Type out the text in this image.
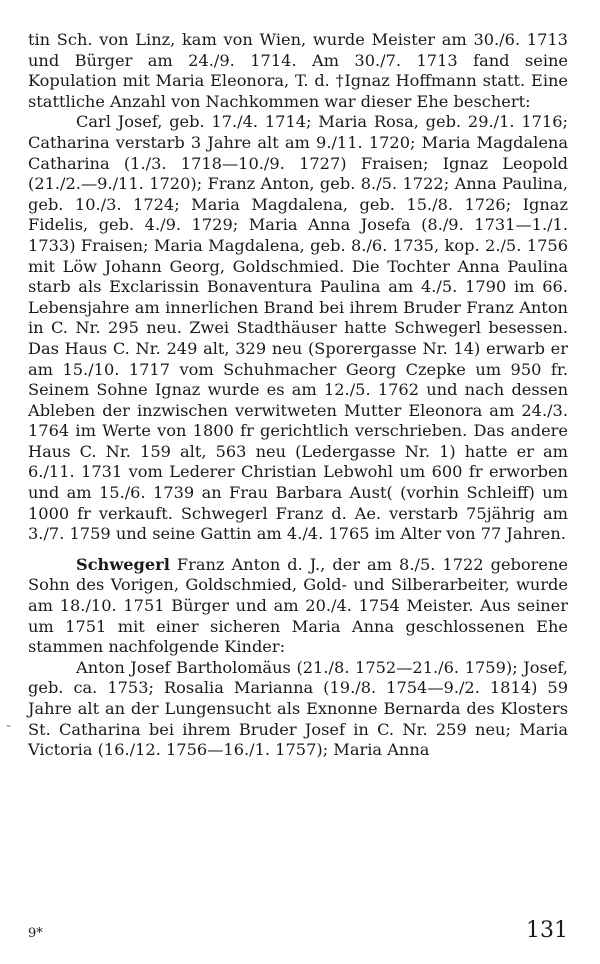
tin Sch. von Linz, kam von Wien, wurde Meister am 30./6. 1713 und Bürger am 24./9. 1714. Am 30./7. 1713 fand seine Kopulation mit Maria Eleonora, T. d. †Ignaz Hoffmann statt. Eine stattliche Anzahl von Nachkommen war dieser Ehe beschert:

Carl Josef, geb. 17./4. 1714; Maria Rosa, geb. 29./1. 1716; Catharina verstarb 3 Jahre alt am 9./11. 1720; Maria Magdalena Catharina (1./3. 1718—10./9. 1727) Fraisen; Ignaz Leopold (21./2.—9./11. 1720); Franz Anton, geb. 8./5. 1722; Anna Paulina, geb. 10./3. 1724; Maria Magdalena, geb. 15./8. 1726; Ignaz Fidelis, geb. 4./9. 1729; Maria Anna Josefa (8./9. 1731—1./1. 1733) Fraisen; Maria Magdalena, geb. 8./6. 1735, kop. 2./5. 1756 mit Löw Johann Georg, Goldschmied. Die Tochter Anna Paulina starb als Exclarissin Bonaventura Paulina am 4./5. 1790 im 66. Lebensjahre am innerlichen Brand bei ihrem Bruder Franz Anton in C. Nr. 295 neu. Zwei Stadthäuser hatte Schwegerl besessen. Das Haus C. Nr. 249 alt, 329 neu (Sporergasse Nr. 14) erwarb er am 15./10. 1717 vom Schuhmacher Georg Czepke um 950 fr. Seinem Sohne Ignaz wurde es am 12./5. 1762 und nach dessen Ableben der inzwischen verwitweten Mutter Eleonora am 24./3. 1764 im Werte von 1800 fr gerichtlich verschrieben. Das andere Haus C. Nr. 159 alt, 563 neu (Ledergasse Nr. 1) hatte er am 6./11. 1731 vom Lederer Christian Lebwohl um 600 fr erworben und am 15./6. 1739 an Frau Barbara Aust( (vorhin Schleiff) um 1000 fr verkauft. Schwegerl Franz d. Ae. verstarb 75jährig am 3./7. 1759 und seine Gattin am 4./4. 1765 im Alter von 77 Jahren.

Schwegerl Franz Anton d. J., der am 8./5. 1722 geborene Sohn des Vorigen, Goldschmied, Gold- und Silberarbeiter, wurde am 18./10. 1751 Bürger und am 20./4. 1754 Meister. Aus seiner um 1751 mit einer sicheren Maria Anna geschlossenen Ehe stammen nachfolgende Kinder:

Anton Josef Bartholomäus (21./8. 1752—21./6. 1759); Josef, geb. ca. 1753; Rosalia Marianna (19./8. 1754—9./2. 1814) 59 Jahre alt an der Lungensucht als Exnonne Bernarda des Klosters St. Catharina bei ihrem Bruder Josef in C. Nr. 259 neu; Maria Victoria (16./12. 1756—16./1. 1757); Maria Anna

-
9*	131
